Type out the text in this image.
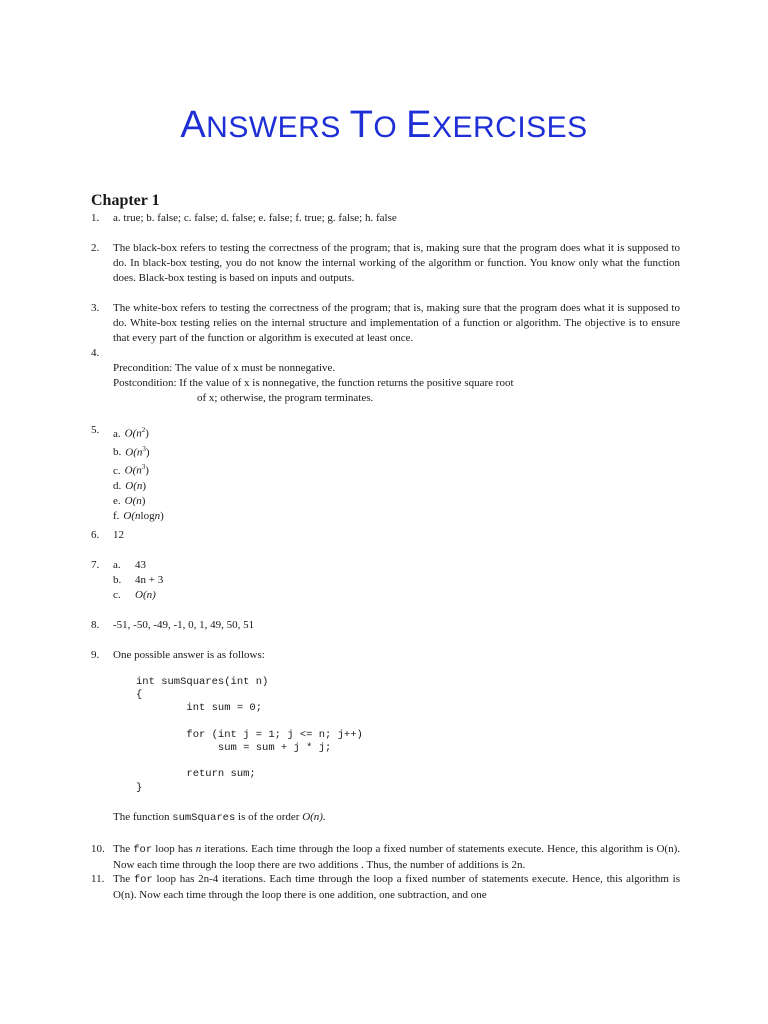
ANSWERS TO EXERCISES
Chapter 1
1. a. true; b. false; c. false; d. false; e. false; f. true; g. false; h. false

2. The black-box refers to testing the correctness of the program; that is, making sure that the program does what it is supposed to do. In black-box testing, you do not know the internal working of the algorithm or function. You know only what the function does. Black-box testing is based on inputs and outputs.

3. The white-box refers to testing the correctness of the program; that is, making sure that the program does what it is supposed to do. White-box testing relies on the internal structure and implementation of a function or algorithm. The objective is to ensure that every part of the function or algorithm is executed at least once.

4.
Precondition: The value of x must be nonnegative.
Postcondition: If the value of x is nonnegative, the function returns the positive square root
of x; otherwise, the program terminates.
5. a. $O(n^2)$
b. $O(n^3)$
c. $O(n^3)$
d. O(n)
e. O(n)
f. O(nlogn)
6. 12

7. a. 43
b. 4n + 3
c. O(n)
8. -51, -50, -49, -1, 0, 1, 49, 50, 51

9. One possible answer is as follows:

int sumSquares(int n)
{
int sum = 0;

for (int j = 1; j <= n; j++)
sum = sum + j * j;

return sum;
}
The function sumSquares is of the order O(n).
10. The for loop has n iterations. Each time through the loop a fixed number of statements execute. Hence, this algorithm is O(n). Now each time through the loop there are two additions . Thus, the number of additions is 2n.

11. The for loop has 2n-4 iterations. Each time through the loop a fixed number of statements execute. Hence, this algorithm is O(n). Now each time through the loop there is one addition, one subtraction, and one
